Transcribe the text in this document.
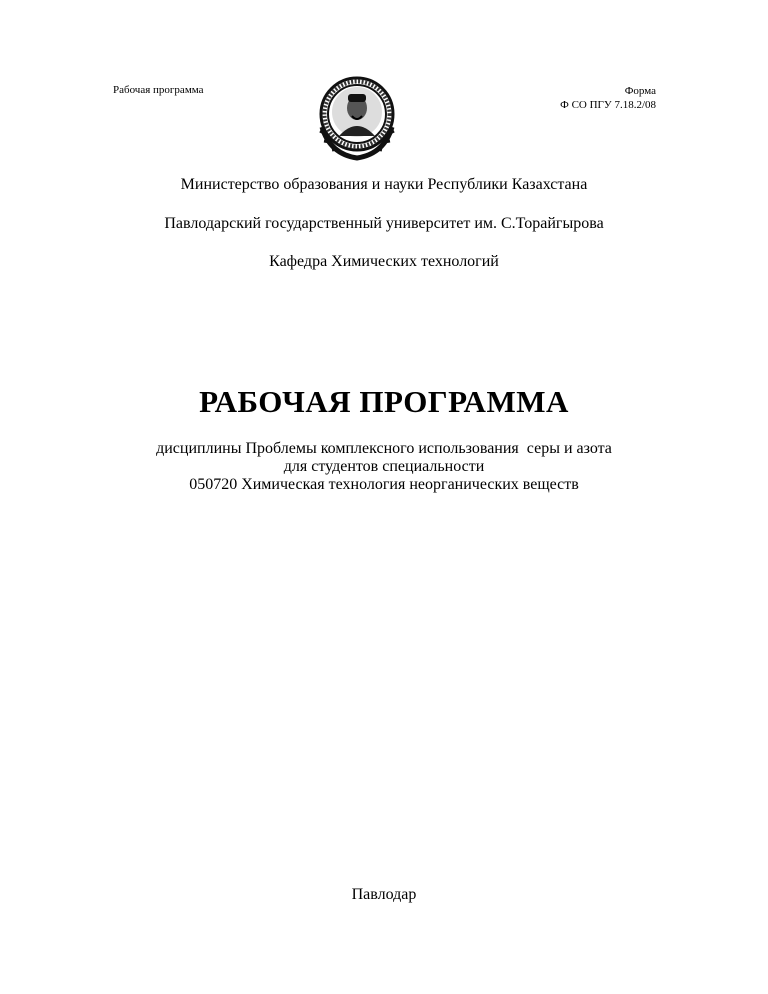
Рабочая программа	Форма
Ф СО ПГУ 7.18.2/08
Министерство образования и науки Республики Казахстана
Павлодарский государственный университет им. С.Торайгырова
Кафедра Химических технологий
РАБОЧАЯ ПРОГРАММА
дисциплины Проблемы комплексного использования  серы и азота
для студентов специальности
050720 Химическая технология неорганических веществ
Павлодар
